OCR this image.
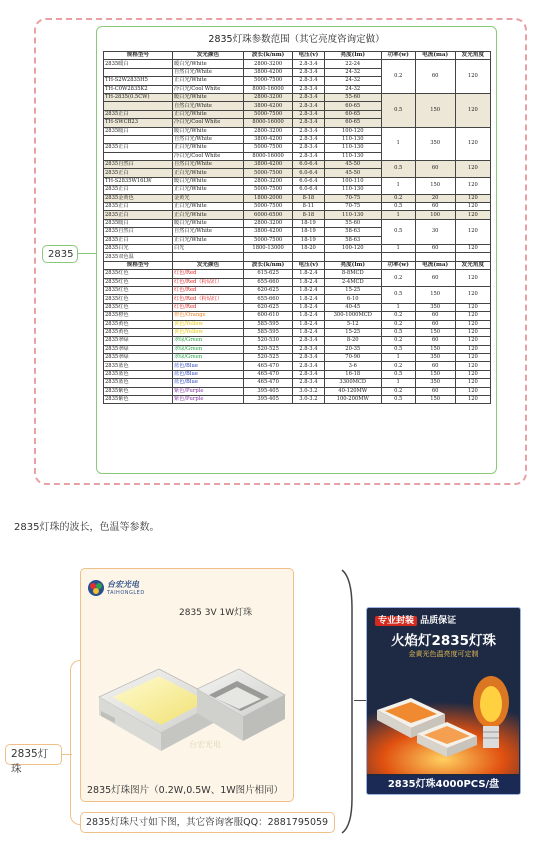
2835
2835灯珠参数范围（其它亮度咨询定做）
规格型号	发光颜色	波长(k/nm)	电压(v)	亮度(lm)	功率(w)	电流(ma)	发光角度
2835暖白	暖白光/White	2800-3200	2.8-3.4	22-24	0.2	60	120
	自然白光/White	3800-4200	2.8-3.4	24-32			
TH-S2W2835H5	正白光/White	5000-7500	2.8-3.4	24-32			
TH-C0W2835K2	冷白光/Cool White	8000-16000	2.8-3.4	24-32			
TH-2835(0.5CW)	暖白光/White	2800-3200	2.8-3.4	55-60	0.5	150	120
	自然白光/White	3800-4200	2.8-3.4	60-65			
2835正白	正白光/White	5000-7500	2.8-3.4	60-65			
TH-SWCB23	冷白光/Cool White	8000-16000	2.8-3.4	60-65			
2835暖白	暖白光/White	2800-3200	2.8-3.4	100-120	1	350	120
	自然白光/White	3800-4200	2.8-3.4	110-130			
2835正白	正白光/White	5000-7500	2.8-3.4	110-130			
	冷白光/Cool White	8000-16000	2.8-3.4	110-130			
2835自然白	自然白光/White	3800-4200	6.0-6.4	45-50	0.5	60	120
2835正白	正白光/White	5000-7500	6.0-6.4	45-50			
TH-S2835W16LW	暖白光/White	2800-3200	6.0-6.4	100-110	1	150	120
2835正白	正白光/White	5000-7500	6.0-6.4	110-130			
2835金黄色	金黄光	1800-2000	8-18	70-75	0.2	20	120
2835正白	正白光/White	5000-7500	8-11	70-75	0.5	60	120
2835正白	正白光/White	6000-6500	8-18	110-130	1	100	120
2835暖白	暖白光/White	2800-3200	18-19	55-60	0.5	30	120
2835自然白	自然白光/White	3800-4200	18-19	58-63			
2835正白	正白光/White	5000-7500	18-19	58-63			
2835白光	白光	1800-13000	18-20	100-120	1	60	120
2835双色温							
规格型号	发光颜色	波长(k/nm)	电压(v)	亮度(lm)	功率(w)	电流(ma)	发光角度
2835红色	红色/Red	615-625	1.8-2.4	8-8MCD	0.2	60	120
2835红色	红色/Red（粉钻红）	655-660	1.8-2.4	2-4MCD			
2835红色	红色/Red	620-625	1.8-2.4	15-25	0.5	150	120
2835红色	红色/Red（粉钻红）	655-660	1.8-2.4	6-10			
2835红色	红色/Red	620-625	1.8-2.4	40-45	1	350	120
2835橙色	橙色/Orange	600-610	1.8-2.4	300-1000MCD	0.2	60	120
2835黄色	黄色/Yellow	585-595	1.8-2.4	5-12	0.2	60	120
2835黄色	黄色/Yellow	585-595	1.8-2.4	15-25	0.5	150	120
2835翠绿	翠绿/Green	520-530	2.8-3.4	8-20	0.2	60	120
2835翠绿	翠绿/Green	520-525	2.8-3.4	20-35	0.5	150	120
2835翠绿	翠绿/Green	520-525	2.8-3.4	70-90	1	350	120
2835蓝色	蓝色/Blue	465-470	2.8-3.4	3-6	0.2	60	120
2835蓝色	蓝色/Blue	465-470	2.8-3.4	16-18	0.5	150	120
2835蓝色	蓝色/Blue	465-470	2.8-3.4	3300MCD	1	350	120
2835紫色	紫色/Purple	395-405	3.0-3.2	40-120MW	0.2	60	120
2835紫色	紫色/Purple	395-405	3.0-3.2	100-200MW	0.5	150	120
2835灯珠的波长，色温等参数。
2835灯珠
台宏光电
TAIHONGLED
2835 3V 1W灯珠
台宏光电
2835灯珠图片（0.2W,0.5W、1W图片相同）
2835灯珠尺寸如下图，其它咨询客服QQ：2881795059
专业封装 品质保证
火焰灯2835灯珠
金黄光色温亮度可定制
2835灯珠4000PCS/盘
